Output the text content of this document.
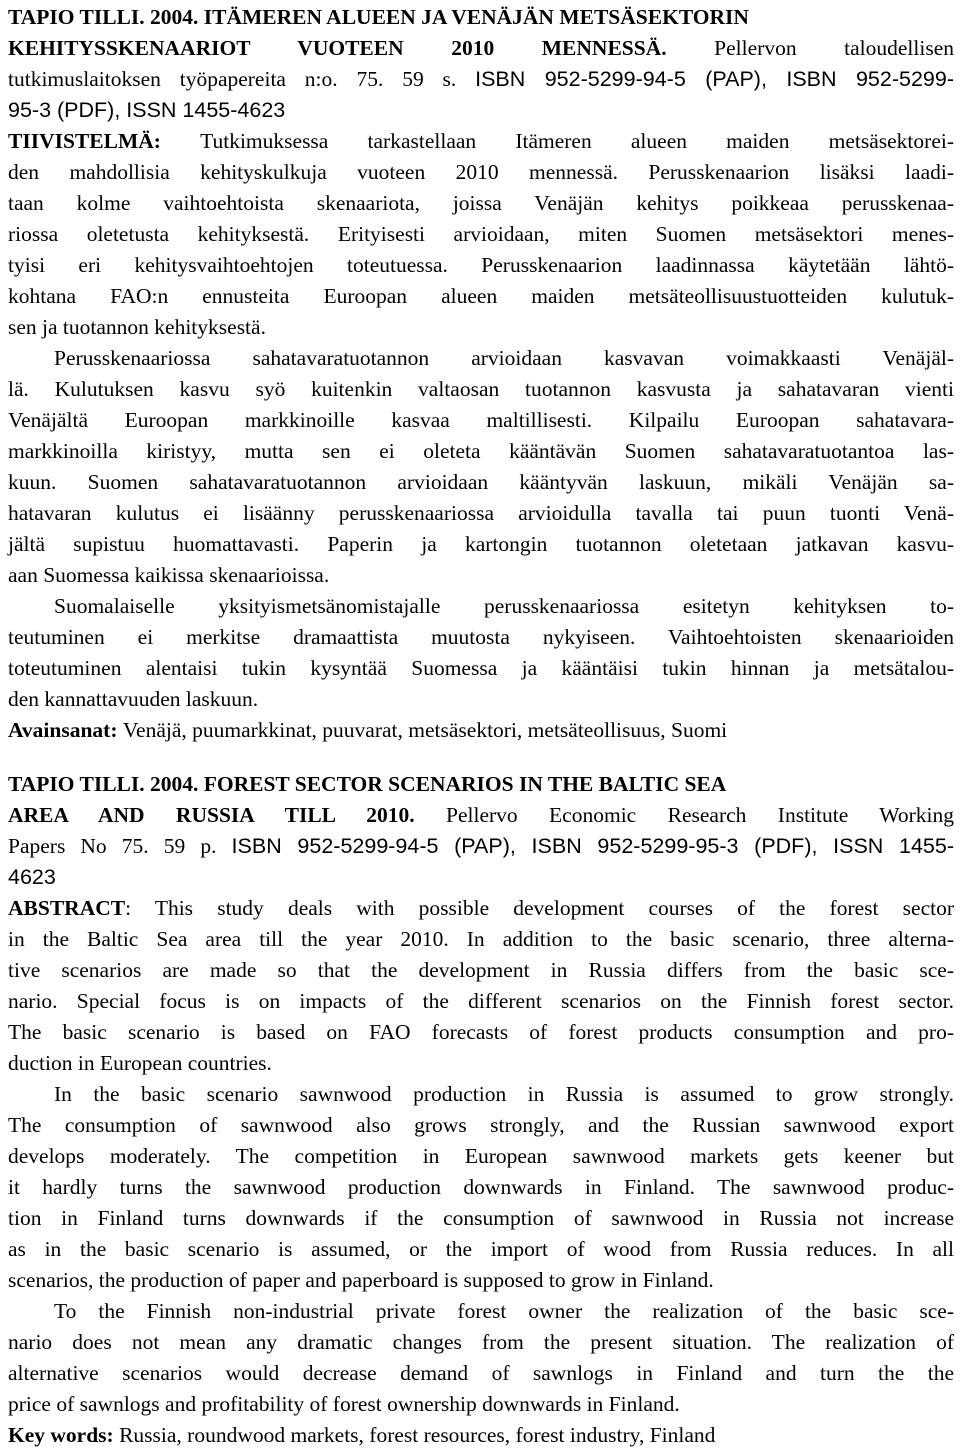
TAPIO TILLI. 2004. ITÄMEREN ALUEEN JA VENÄJÄN METSÄSEKTORIN
KEHITYSSKENAARIOT VUOTEEN 2010 MENNESSÄ. Pellervon taloudellisen
tutkimuslaitoksen työpapereita n:o. 75. 59 s. ISBN 952-5299-94-5 (PAP), ISBN 952-5299-
95-3 (PDF), ISSN 1455-4623
TIIVISTELMÄ: Tutkimuksessa tarkastellaan Itämeren alueen maiden metsäsektorei-
den mahdollisia kehityskulkuja vuoteen 2010 mennessä. Perusskenaarion lisäksi laadi-
taan kolme vaihtoehtoista skenaariota, joissa Venäjän kehitys poikkeaa perusskenaa-
riossa oletetusta kehityksestä. Erityisesti arvioidaan, miten Suomen metsäsektori menes-
tyisi eri kehitysvaihtoehtojen toteutuessa. Perusskenaarion laadinnassa käytetään lähtö-
kohtana FAO:n ennusteita Euroopan alueen maiden metsäteollisuustuotteiden kulutuk-
sen ja tuotannon kehityksestä.
Perusskenaariossa sahatavaratuotannon arvioidaan kasvavan voimakkaasti Venäjäl-
lä. Kulutuksen kasvu syö kuitenkin valtaosan tuotannon kasvusta ja sahatavaran vienti
Venäjältä Euroopan markkinoille kasvaa maltillisesti. Kilpailu Euroopan sahatavara-
markkinoilla kiristyy, mutta sen ei oleteta kääntävän Suomen sahatavaratuotantoa las-
kuun. Suomen sahatavaratuotannon arvioidaan kääntyvän laskuun, mikäli Venäjän sa-
hatavaran kulutus ei lisäänny perusskenaariossa arvioidulla tavalla tai puun tuonti Venä-
jältä supistuu huomattavasti. Paperin ja kartongin tuotannon oletetaan jatkavan kasvu-
aan Suomessa kaikissa skenaarioissa.
Suomalaiselle yksityismetsänomistajalle perusskenaariossa esitetyn kehityksen to-
teutuminen ei merkitse dramaattista muutosta nykyiseen. Vaihtoehtoisten skenaarioiden
toteutuminen alentaisi tukin kysyntää Suomessa ja kääntäisi tukin hinnan ja metsätalou-
den kannattavuuden laskuun.
Avainsanat: Venäjä, puumarkkinat, puuvarat, metsäsektori, metsäteollisuus, Suomi
TAPIO TILLI. 2004. FOREST SECTOR SCENARIOS IN THE BALTIC SEA
AREA AND RUSSIA TILL 2010. Pellervo Economic Research Institute Working
Papers No 75. 59 p. ISBN 952-5299-94-5 (PAP), ISBN 952-5299-95-3 (PDF), ISSN 1455-
4623
ABSTRACT: This study deals with possible development courses of the forest sector
in the Baltic Sea area till the year 2010. In addition to the basic scenario, three alterna-
tive scenarios are made so that the development in Russia differs from the basic sce-
nario. Special focus is on impacts of the different scenarios on the Finnish forest sector.
The basic scenario is based on FAO forecasts of forest products consumption and pro-
duction in European countries.
In the basic scenario sawnwood production in Russia is assumed to grow strongly.
The consumption of sawnwood also grows strongly, and the Russian sawnwood export
develops moderately. The competition in European sawnwood markets gets keener but
it hardly turns the sawnwood production downwards in Finland. The sawnwood produc-
tion in Finland turns downwards if the consumption of sawnwood in Russia not increase
as in the basic scenario is assumed, or the import of wood from Russia reduces. In all
scenarios, the production of paper and paperboard is supposed to grow in Finland.
To the Finnish non-industrial private forest owner the realization of the basic sce-
nario does not mean any dramatic changes from the present situation. The realization of
alternative scenarios would decrease demand of sawnlogs in Finland and turn the the
price of sawnlogs and profitability of forest ownership downwards in Finland.
Key words: Russia, roundwood markets, forest resources, forest industry, Finland
